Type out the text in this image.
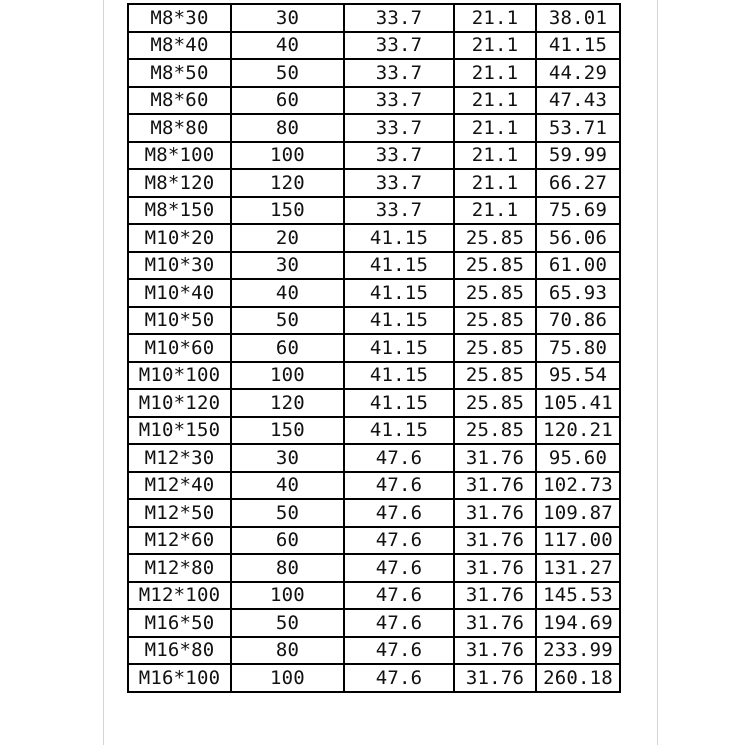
M8*30	30	33.7	21.1	38.01
M8*40	40	33.7	21.1	41.15
M8*50	50	33.7	21.1	44.29
M8*60	60	33.7	21.1	47.43
M8*80	80	33.7	21.1	53.71
M8*100	100	33.7	21.1	59.99
M8*120	120	33.7	21.1	66.27
M8*150	150	33.7	21.1	75.69
M10*20	20	41.15	25.85	56.06
M10*30	30	41.15	25.85	61.00
M10*40	40	41.15	25.85	65.93
M10*50	50	41.15	25.85	70.86
M10*60	60	41.15	25.85	75.80
M10*100	100	41.15	25.85	95.54
M10*120	120	41.15	25.85	105.41
M10*150	150	41.15	25.85	120.21
M12*30	30	47.6	31.76	95.60
M12*40	40	47.6	31.76	102.73
M12*50	50	47.6	31.76	109.87
M12*60	60	47.6	31.76	117.00
M12*80	80	47.6	31.76	131.27
M12*100	100	47.6	31.76	145.53
M16*50	50	47.6	31.76	194.69
M16*80	80	47.6	31.76	233.99
M16*100	100	47.6	31.76	260.18
